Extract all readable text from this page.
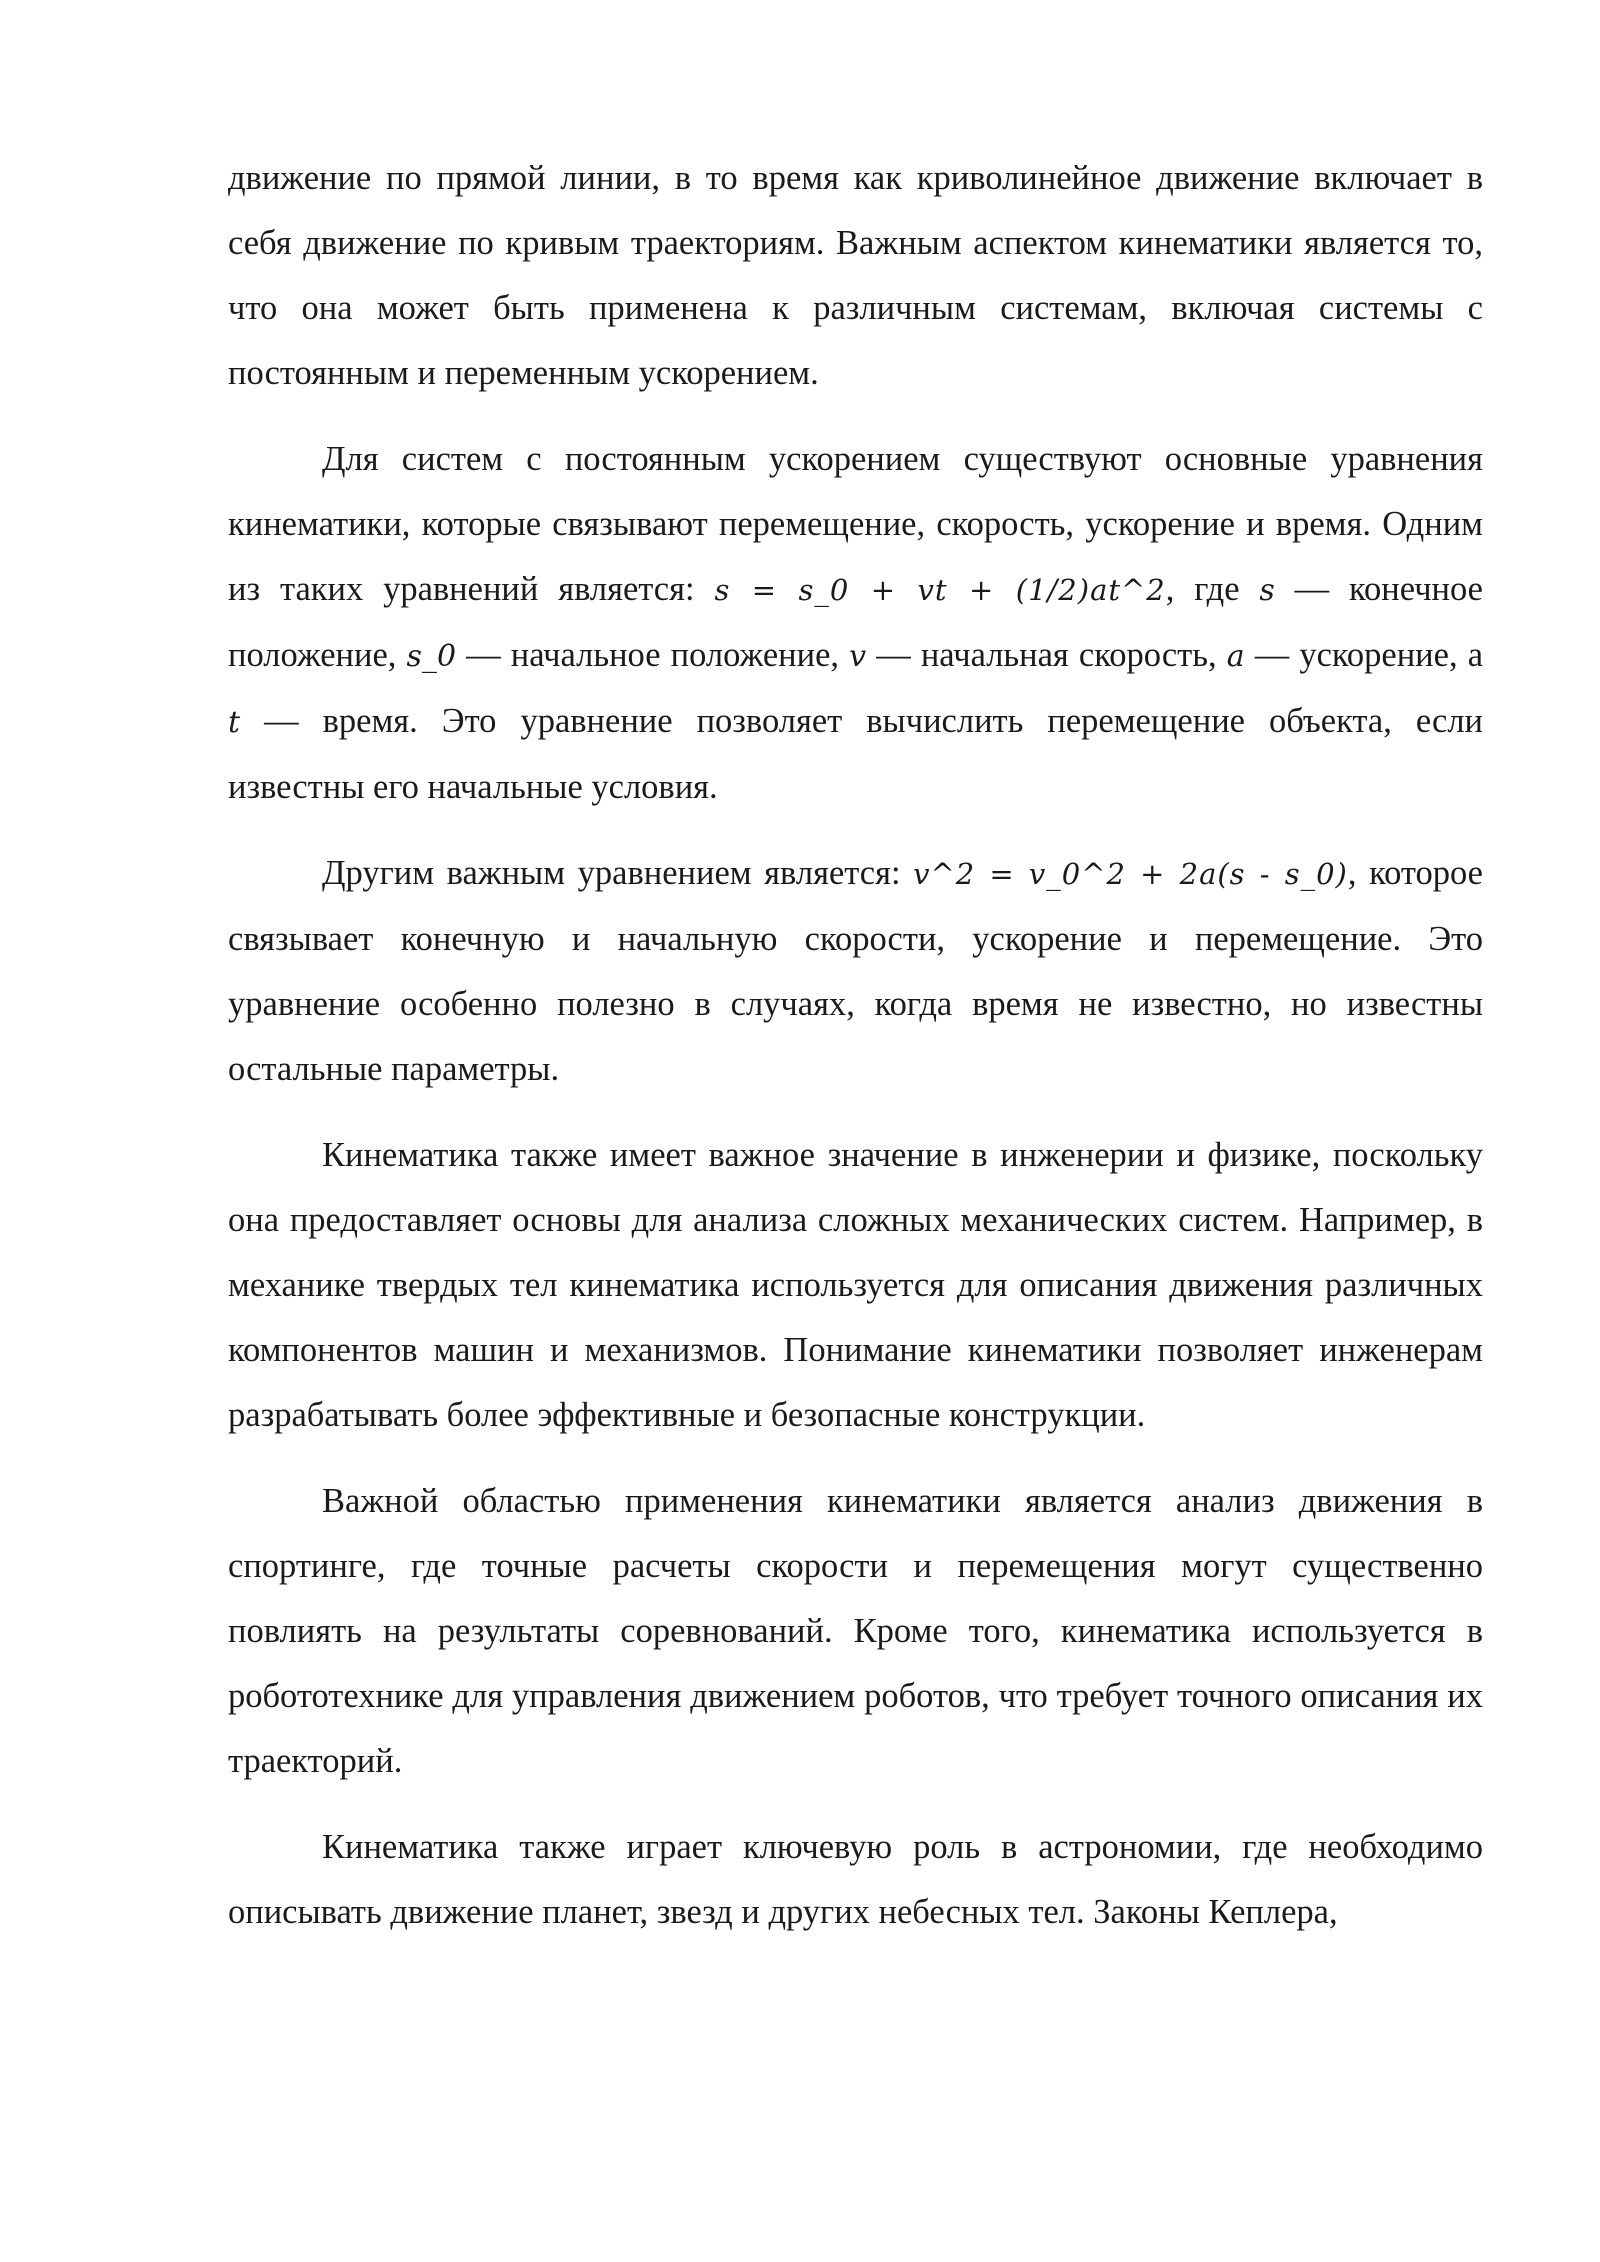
движение по прямой линии, в то время как криволинейное движение включает в себя движение по кривым траекториям. Важным аспектом кинематики является то, что она может быть применена к различным системам, включая системы с постоянным и переменным ускорением.

Для систем с постоянным ускорением существуют основные уравнения кинематики, которые связывают перемещение, скорость, ускорение и время. Одним из таких уравнений является: s = s_0 + vt + (1/2)at^2, где s — конечное положение, s_0 — начальное положение, v — начальная скорость, a — ускорение, а t — время. Это уравнение позволяет вычислить перемещение объекта, если известны его начальные условия.

Другим важным уравнением является: v^2 = v_0^2 + 2a(s - s_0), которое связывает конечную и начальную скорости, ускорение и перемещение. Это уравнение особенно полезно в случаях, когда время не известно, но известны остальные параметры.

Кинематика также имеет важное значение в инженерии и физике, поскольку она предоставляет основы для анализа сложных механических систем. Например, в механике твердых тел кинематика используется для описания движения различных компонентов машин и механизмов. Понимание кинематики позволяет инженерам разрабатывать более эффективные и безопасные конструкции.

Важной областью применения кинематики является анализ движения в спортинге, где точные расчеты скорости и перемещения могут существенно повлиять на результаты соревнований. Кроме того, кинематика используется в робототехнике для управления движением роботов, что требует точного описания их траекторий.

Кинематика также играет ключевую роль в астрономии, где необходимо описывать движение планет, звезд и других небесных тел. Законы Кеплера,
